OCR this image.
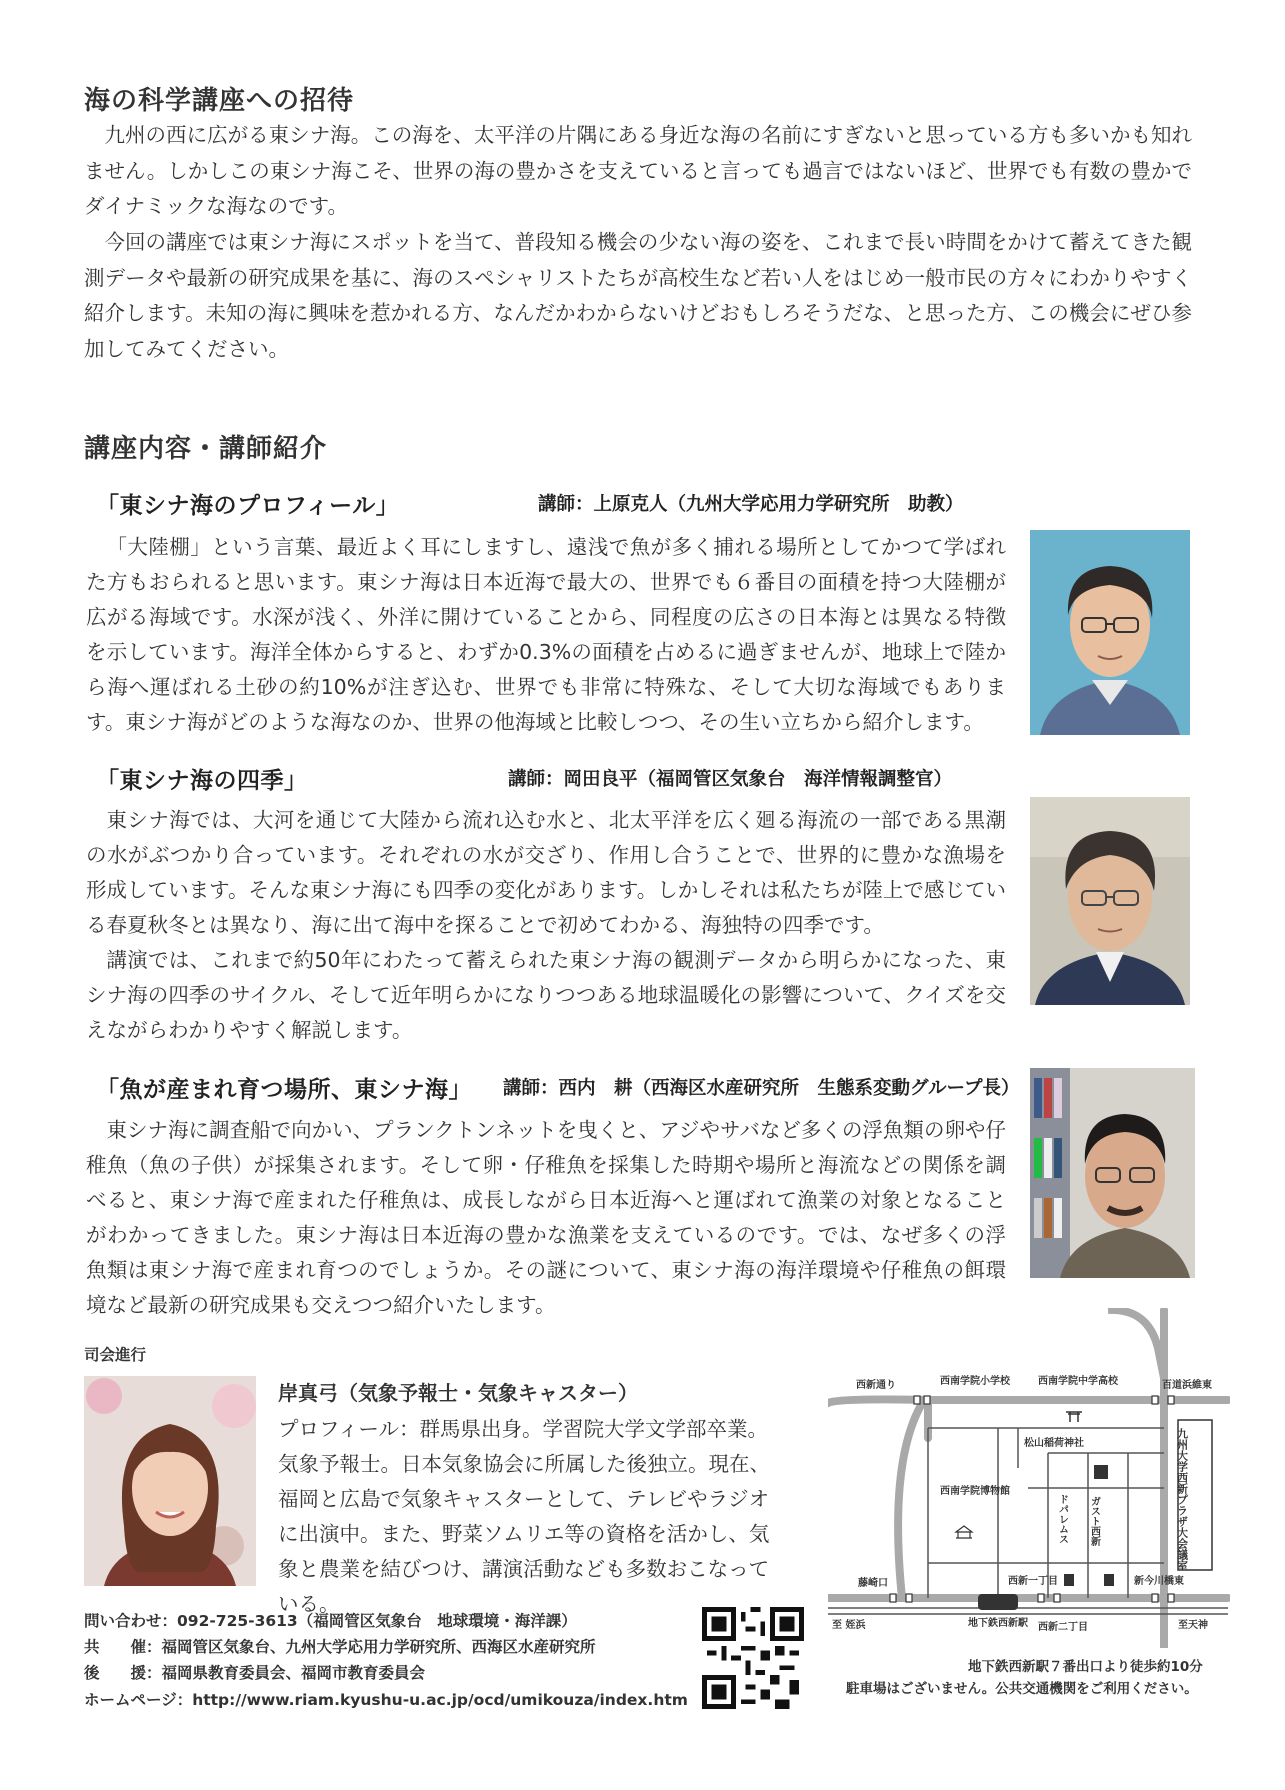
海の科学講座への招待
九州の西に広がる東シナ海。この海を、太平洋の片隅にある身近な海の名前にすぎないと思っている方も多いかも知れません。しかしこの東シナ海こそ、世界の海の豊かさを支えていると言っても過言ではないほど、世界でも有数の豊かでダイナミックな海なのです。
今回の講座では東シナ海にスポットを当て、普段知る機会の少ない海の姿を、これまで長い時間をかけて蓄えてきた観測データや最新の研究成果を基に、海のスペシャリストたちが高校生など若い人をはじめ一般市民の方々にわかりやすく紹介します。未知の海に興味を惹かれる方、なんだかわからないけどおもしろそうだな、と思った方、この機会にぜひ参加してみてください。
講座内容・講師紹介
「東シナ海のプロフィール」	講師：上原克人（九州大学応用力学研究所　助教）
「大陸棚」という言葉、最近よく耳にしますし、遠浅で魚が多く捕れる場所としてかつて学ばれた方もおられると思います。東シナ海は日本近海で最大の、世界でも６番目の面積を持つ大陸棚が広がる海域です。水深が浅く、外洋に開けていることから、同程度の広さの日本海とは異なる特徴を示しています。海洋全体からすると、わずか0.3%の面積を占めるに過ぎませんが、地球上で陸から海へ運ばれる土砂の約10%が注ぎ込む、世界でも非常に特殊な、そして大切な海域でもあります。東シナ海がどのような海なのか、世界の他海域と比較しつつ、その生い立ちから紹介します。
「東シナ海の四季」	講師：岡田良平（福岡管区気象台　海洋情報調整官）
東シナ海では、大河を通じて大陸から流れ込む水と、北太平洋を広く廻る海流の一部である黒潮の水がぶつかり合っています。それぞれの水が交ざり、作用し合うことで、世界的に豊かな漁場を形成しています。そんな東シナ海にも四季の変化があります。しかしそれは私たちが陸上で感じている春夏秋冬とは異なり、海に出て海中を探ることで初めてわかる、海独特の四季です。
講演では、これまで約50年にわたって蓄えられた東シナ海の観測データから明らかになった、東シナ海の四季のサイクル、そして近年明らかになりつつある地球温暖化の影響について、クイズを交えながらわかりやすく解説します。
「魚が産まれ育つ場所、東シナ海」 講師：西内　耕（西海区水産研究所　生態系変動グループ長）
東シナ海に調査船で向かい、プランクトンネットを曳くと、アジやサバなど多くの浮魚類の卵や仔稚魚（魚の子供）が採集されます。そして卵・仔稚魚を採集した時期や場所と海流などの関係を調べると、東シナ海で産まれた仔稚魚は、成長しながら日本近海へと運ばれて漁業の対象となることがわかってきました。東シナ海は日本近海の豊かな漁業を支えているのです。では、なぜ多くの浮魚類は東シナ海で産まれ育つのでしょうか。その謎について、東シナ海の海洋環境や仔稚魚の餌環境など最新の研究成果も交えつつ紹介いたします。
司会進行
岸真弓（気象予報士・気象キャスター）
プロフィール：群馬県出身。学習院大学文学部卒業。気象予報士。日本気象協会に所属した後独立。現在、福岡と広島で気象キャスターとして、テレビやラジオに出演中。また、野菜ソムリエ等の資格を活かし、気象と農業を結びつけ、講演活動なども多数おこなっている。
問い合わせ：092-725-3613（福岡管区気象台　地球環境・海洋課）
共　　催：福岡管区気象台、九州大学応用力学研究所、西海区水産研究所
後　　援：福岡県教育委員会、福岡市教育委員会
ホームページ：http://www.riam.kyushu-u.ac.jp/ocd/umikouza/index.htm
西新通り	西南学院小学校	西南学院中学高校	百道浜維東
松山稲荷神社
西南学院博物館	九州大学西新プラザ大会議室
ドパレムス ガスト西新
藤崎口	西新一丁目	新今川橋東
至 姪浜	至天神
西新二丁目
地下鉄西新駅
地下鉄西新駅７番出口より徒歩約10分
駐車場はございません。公共交通機関をご利用ください。
